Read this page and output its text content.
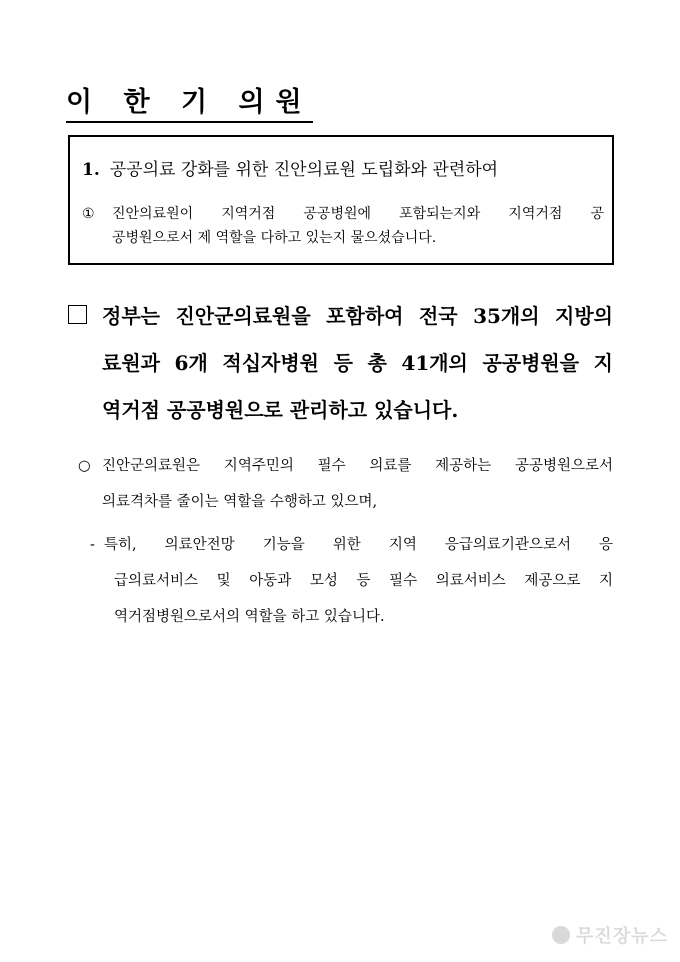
이 한 기 의원
1. 공공의료 강화를 위한 진안의료원 도립화와 관련하여
① 진안의료원이 지역거점 공공병원에 포함되는지와 지역거점 공
공병원으로서 제 역할을 다하고 있는지 물으셨습니다.
정부는 진안군의료원을 포함하여 전국 35개의 지방의
료원과 6개 적십자병원 등 총 41개의 공공병원을 지
역거점 공공병원으로 관리하고 있습니다.
○ 진안군의료원은 지역주민의 필수 의료를 제공하는 공공병원으로서
의료격차를 줄이는 역할을 수행하고 있으며,
- 특히, 의료안전망 기능을 위한 지역 응급의료기관으로서 응
급의료서비스 및 아동과 모성 등 필수 의료서비스 제공으로 지
역거점병원으로서의 역할을 하고 있습니다.
무진장뉴스
